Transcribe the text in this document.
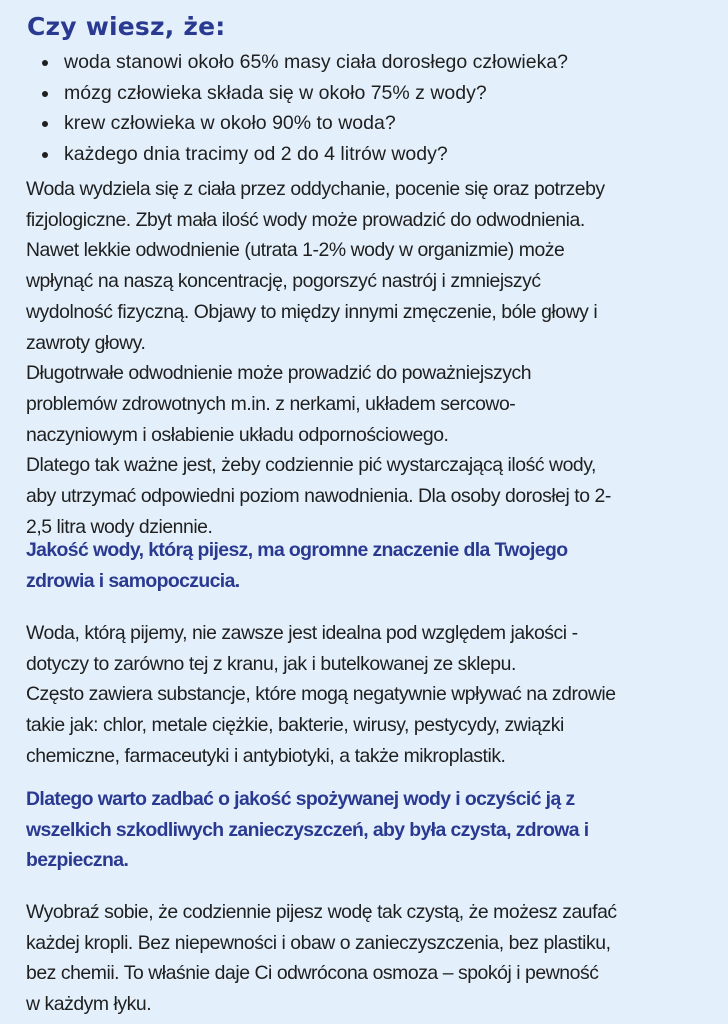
Czy wiesz, że:
woda stanowi około 65% masy ciała dorosłego człowieka?
mózg człowieka składa się w około 75% z wody?
krew człowieka w około 90% to woda?
każdego dnia tracimy od 2 do 4 litrów wody?

Woda wydziela się z ciała przez oddychanie, pocenie się oraz potrzeby
fizjologiczne. Zbyt mała ilość wody może prowadzić do odwodnienia.
Nawet lekkie odwodnienie (utrata 1-2% wody w organizmie) może
wpłynąć na naszą koncentrację, pogorszyć nastrój i zmniejszyć
wydolność fizyczną. Objawy to między innymi zmęczenie, bóle głowy i
zawroty głowy.
Długotrwałe odwodnienie może prowadzić do poważniejszych
problemów zdrowotnych m.in. z nerkami, układem sercowo-
naczyniowym i osłabienie układu odpornościowego.
Dlatego tak ważne jest, żeby codziennie pić wystarczającą ilość wody,
aby utrzymać odpowiedni poziom nawodnienia. Dla osoby dorosłej to 2-
2,5 litra wody dziennie.

Jakość wody, którą pijesz, ma ogromne znaczenie dla Twojego
zdrowia i samopoczucia.

Woda, którą pijemy, nie zawsze jest idealna pod względem jakości -
dotyczy to zarówno tej z kranu, jak i butelkowanej ze sklepu.
Często zawiera substancje, które mogą negatywnie wpływać na zdrowie
takie jak: chlor, metale ciężkie, bakterie, wirusy, pestycydy, związki
chemiczne, farmaceutyki i antybiotyki, a także mikroplastik.

Dlatego warto zadbać o jakość spożywanej wody i oczyścić ją z
wszelkich szkodliwych zanieczyszczeń, aby była czysta, zdrowa i
bezpieczna.

Wyobraź sobie, że codziennie pijesz wodę tak czystą, że możesz zaufać
każdej kropli. Bez niepewności i obaw o zanieczyszczenia, bez plastiku,
bez chemii. To właśnie daje Ci odwrócona osmoza – spokój i pewność
w każdym łyku.
